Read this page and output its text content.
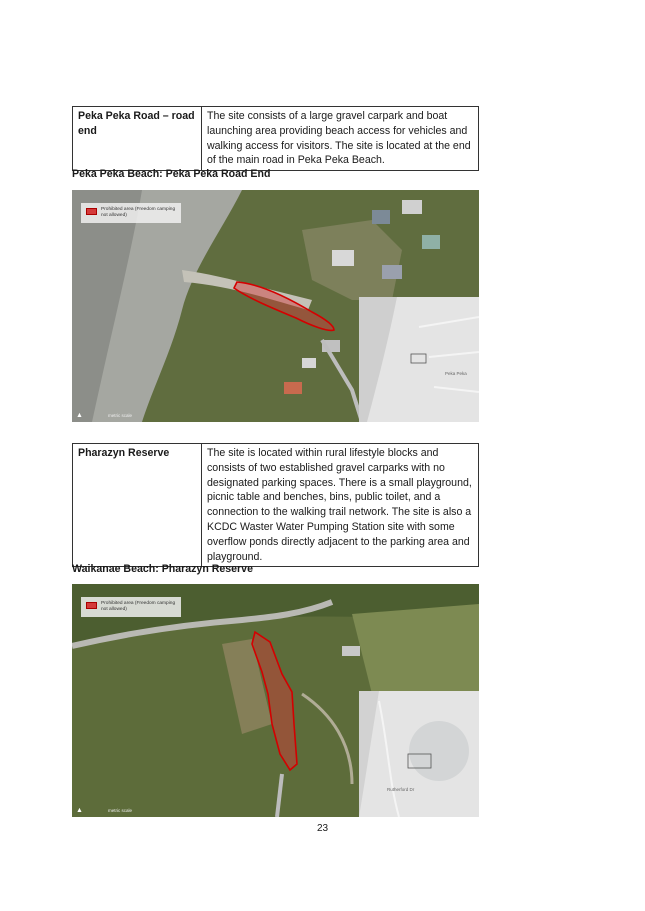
Peka Peka Road – road end	The site consists of a large gravel carpark and boat launching area providing beach access for vehicles and walking access for visitors. The site is located at the end of the main road in Peka Peka Beach.
Peka Peka Beach: Peka Peka Road End
Prohibited area (Freedom camping not allowed)
▲	metric scale
Peka Peka
Pharazyn Reserve	The site is located within rural lifestyle blocks and consists of two established gravel carparks with no designated parking spaces. There is a small playground, picnic table and benches, bins, public toilet, and a connection to the walking trail network. The site is also a KCDC Waster Water Pumping Station site with some overflow ponds directly adjacent to the parking area and playground.
Waikanae Beach: Pharazyn Reserve
Prohibited area (Freedom camping not allowed)
▲	metric scale
Rutherford Dr
23
